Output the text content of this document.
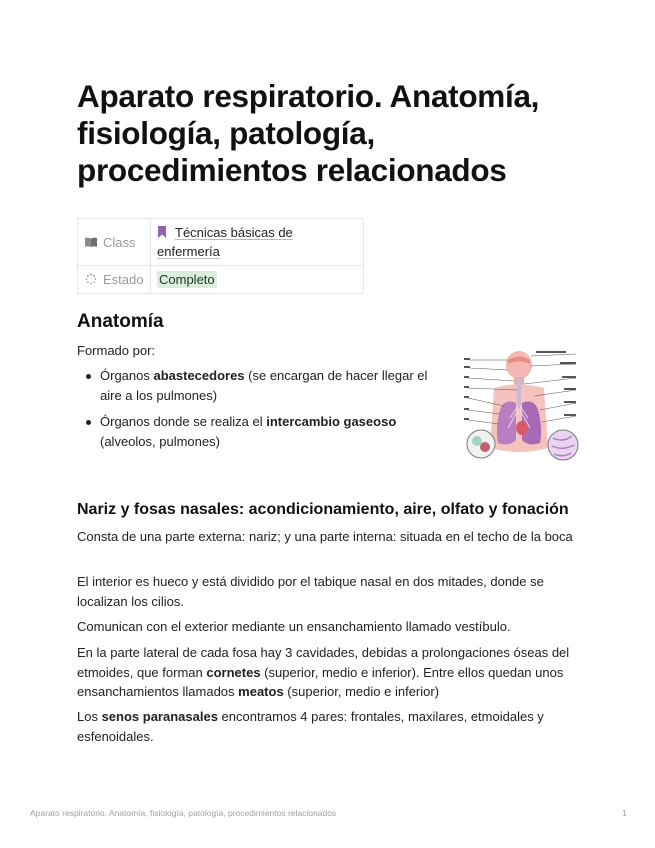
Aparato respiratorio. Anatomía, fisiología, patología, procedimientos relacionados
Class	Técnicas básicas de enfermería
Estado	Completo
Anatomía

Formado por:

Órganos abastecedores (se encargan de hacer llegar el aire a los pulmones)
Órganos donde se realiza el intercambio gaseoso (alveolos, pulmones)
Nariz y fosas nasales: acondicionamiento, aire, olfato y fonación

Consta de una parte externa: nariz; y una parte interna: situada en el techo de la boca

El interior es hueco y está dividido por el tabique nasal en dos mitades, donde se localizan los cilios.

Comunican con el exterior mediante un ensanchamiento llamado vestíbulo.

En la parte lateral de cada fosa hay 3 cavidades, debidas a prolongaciones óseas del etmoides, que forman cornetes (superior, medio e inferior). Entre ellos quedan unos ensanchamientos llamados meatos (superior, medio e inferior)

Los senos paranasales encontramos 4 pares: frontales, maxilares, etmoidales y esfenoidales.

Aparato respiratorio. Anatomía, fisiología, patología, procedimientos relacionados	1
